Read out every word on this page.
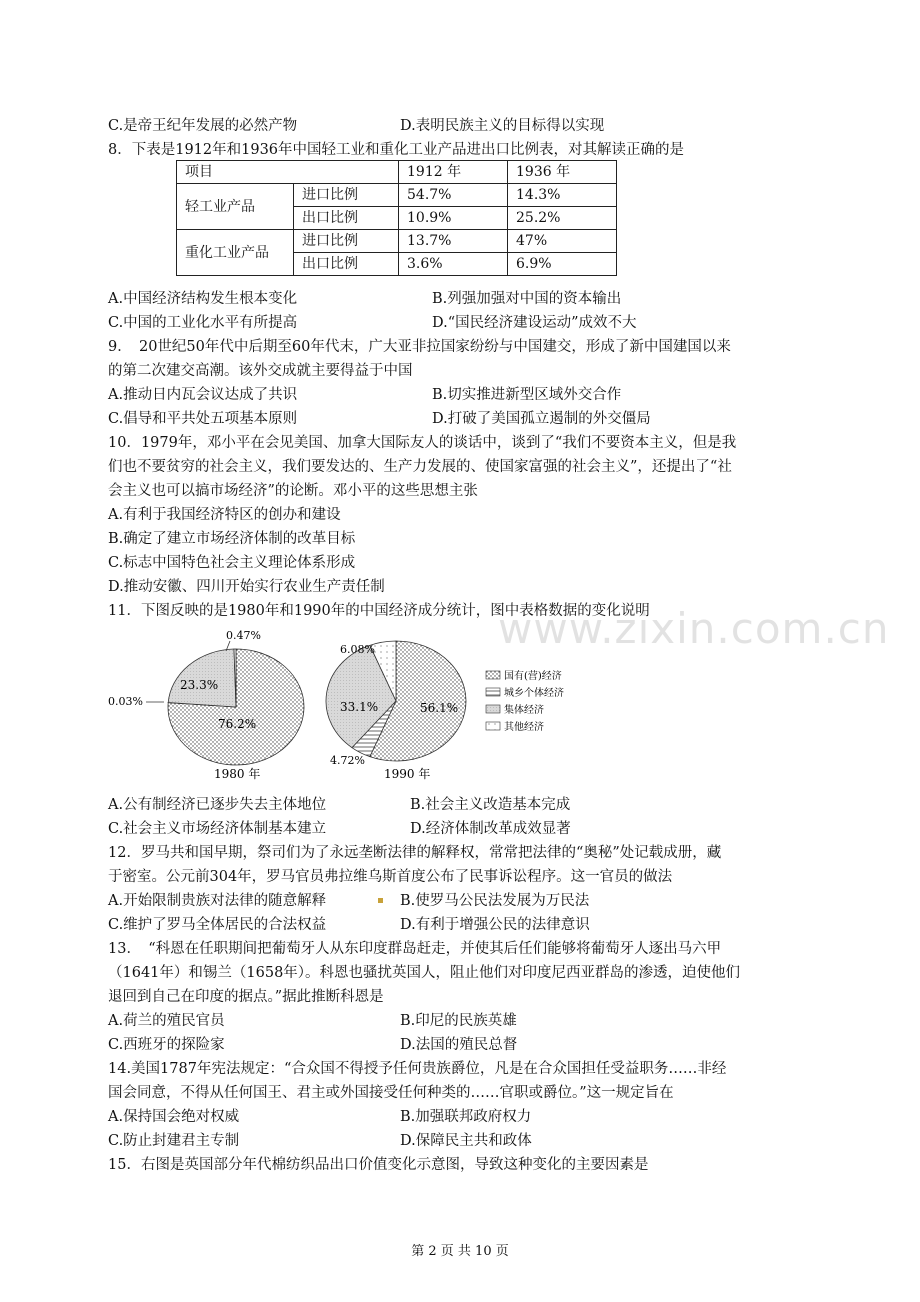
C.是帝王纪年发展的必然产物	D.表明民族主义的目标得以实现
8．下表是1912年和1936年中国轻工业和重化工业产品进出口比例表，对其解读正确的是
项目		1912 年	1936 年
轻工业产品	进口比例	54.7%	14.3%
	出口比例	10.9%	25.2%
重化工业产品	进口比例	13.7%	47%
	出口比例	3.6%	6.9%
A.中国经济结构发生根本变化	B.列强加强对中国的资本输出
C.中国的工业化水平有所提高	D.“国民经济建设运动”成效不大
9．　20世纪50年代中后期至60年代末，广大亚非拉国家纷纷与中国建交，形成了新中国建国以来
的第二次建交高潮。该外交成就主要得益于中国
A.推动日内瓦会议达成了共识	B.切实推进新型区域外交合作
C.倡导和平共处五项基本原则	D.打破了美国孤立遏制的外交僵局
10．1979年，邓小平在会见美国、加拿大国际友人的谈话中，谈到了“我们不要资本主义，但是我
们也不要贫穷的社会主义，我们要发达的、生产力发展的、使国家富强的社会主义”，还提出了“社
会主义也可以搞市场经济”的论断。邓小平的这些思想主张
A.有利于我国经济特区的创办和建设
B.确定了建立市场经济体制的改革目标
C.标志中国特色社会主义理论体系形成
D.推动安徽、四川开始实行农业生产责任制
11．下图反映的是1980年和1990年的中国经济成分统计，图中表格数据的变化说明
www.zixin.com.cn
0.47%
23.3%
0.03%
76.2%
1980 年
6.08%
56.1%
33.1%
4.72%
1990 年
国有(营)经济
城乡个体经济
集体经济
其他经济
A.公有制经济已逐步失去主体地位	B.社会主义改造基本完成
C.社会主义市场经济体制基本建立	D.经济体制改革成效显著
12．罗马共和国早期，祭司们为了永远垄断法律的解释权，常常把法律的“奥秘”处记载成册，藏
于密室。公元前304年，罗马官员弗拉维乌斯首度公布了民事诉讼程序。这一官员的做法
A.开始限制贵族对法律的随意解释	B.使罗马公民法发展为万民法
C.维护了罗马全体居民的合法权益	D.有利于增强公民的法律意识
13．　“科恩在任职期间把葡萄牙人从东印度群岛赶走，并使其后任们能够将葡萄牙人逐出马六甲
（1641年）和锡兰（1658年）。科恩也骚扰英国人，阻止他们对印度尼西亚群岛的渗透，迫使他们
退回到自己在印度的据点。”据此推断科恩是
A.荷兰的殖民官员	B.印尼的民族英雄
C.西班牙的探险家	D.法国的殖民总督
14.美国1787年宪法规定：“合众国不得授予任何贵族爵位，凡是在合众国担任受益职务……非经
国会同意，不得从任何国王、君主或外国接受任何种类的……官职或爵位。”这一规定旨在
A.保持国会绝对权威	B.加强联邦政府权力
C.防止封建君主专制	D.保障民主共和政体
15．右图是英国部分年代棉纺织品出口价值变化示意图，导致这种变化的主要因素是
第 2 页 共 10 页
